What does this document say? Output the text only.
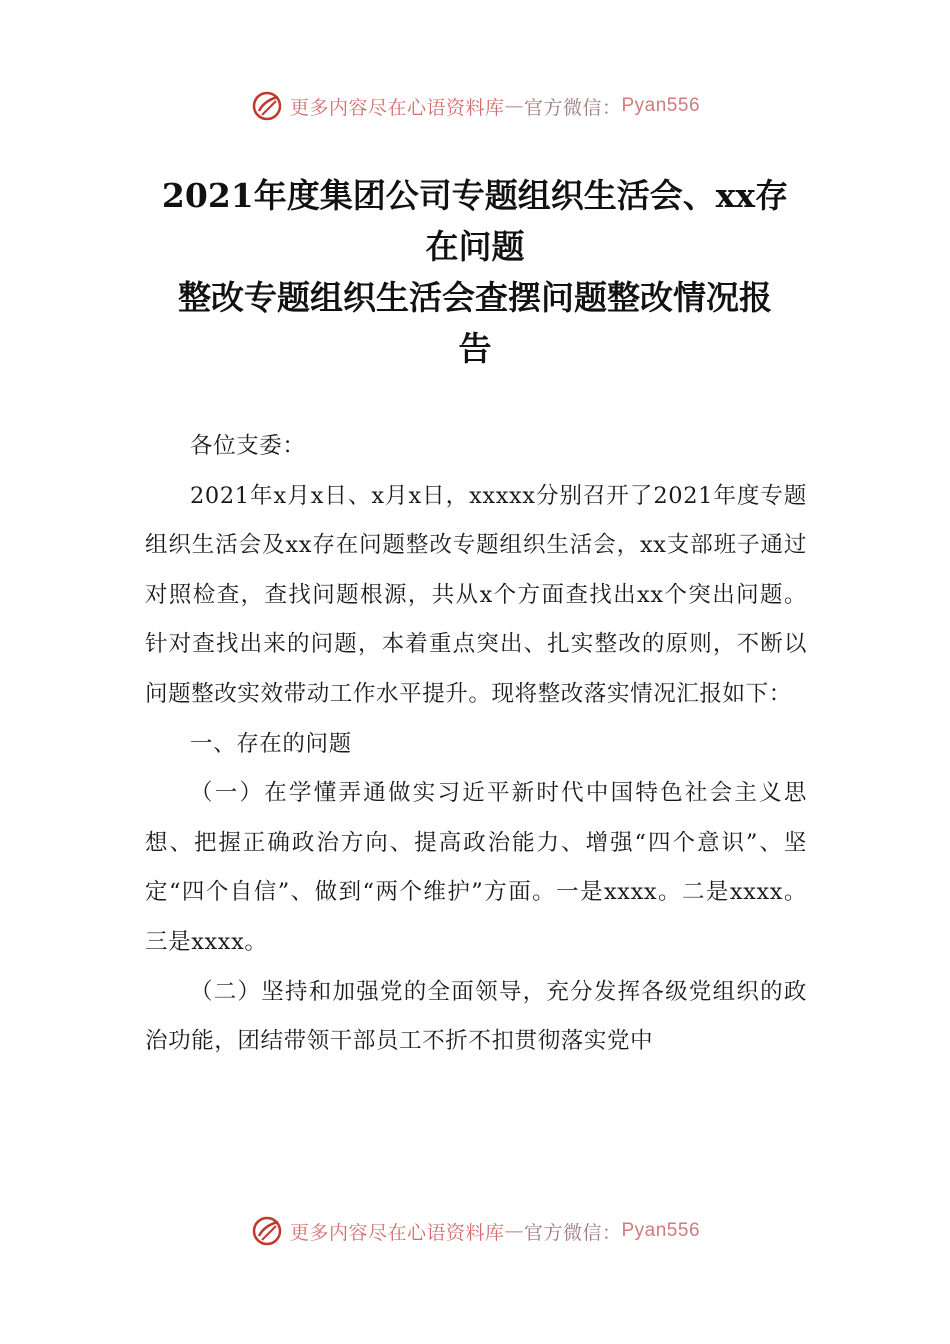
更多内容尽在心语资料库 — 官方微信： Pyan556
2021年度集团公司专题组织生活会、xx存
在问题
整改专题组织生活会查摆问题整改情况报
告

各位支委：

2021年x月x日、x月x日，xxxxx分别召开了2021年度专题组织生活会及xx存在问题整改专题组织生活会，xx支部班子通过对照检查，查找问题根源，共从x个方面查找出xx个突出问题。针对查找出来的问题，本着重点突出、扎实整改的原则，不断以问题整改实效带动工作水平提升。现将整改落实情况汇报如下：

一、存在的问题

（一）在学懂弄通做实习近平新时代中国特色社会主义思想、把握正确政治方向、提高政治能力、增强“四个意识”、坚定“四个自信”、做到“两个维护”方面。一是xxxx。二是xxxx。三是xxxx。

（二）坚持和加强党的全面领导，充分发挥各级党组织的政治功能，团结带领干部员工不折不扣贯彻落实党中

更多内容尽在心语资料库 — 官方微信： Pyan556
